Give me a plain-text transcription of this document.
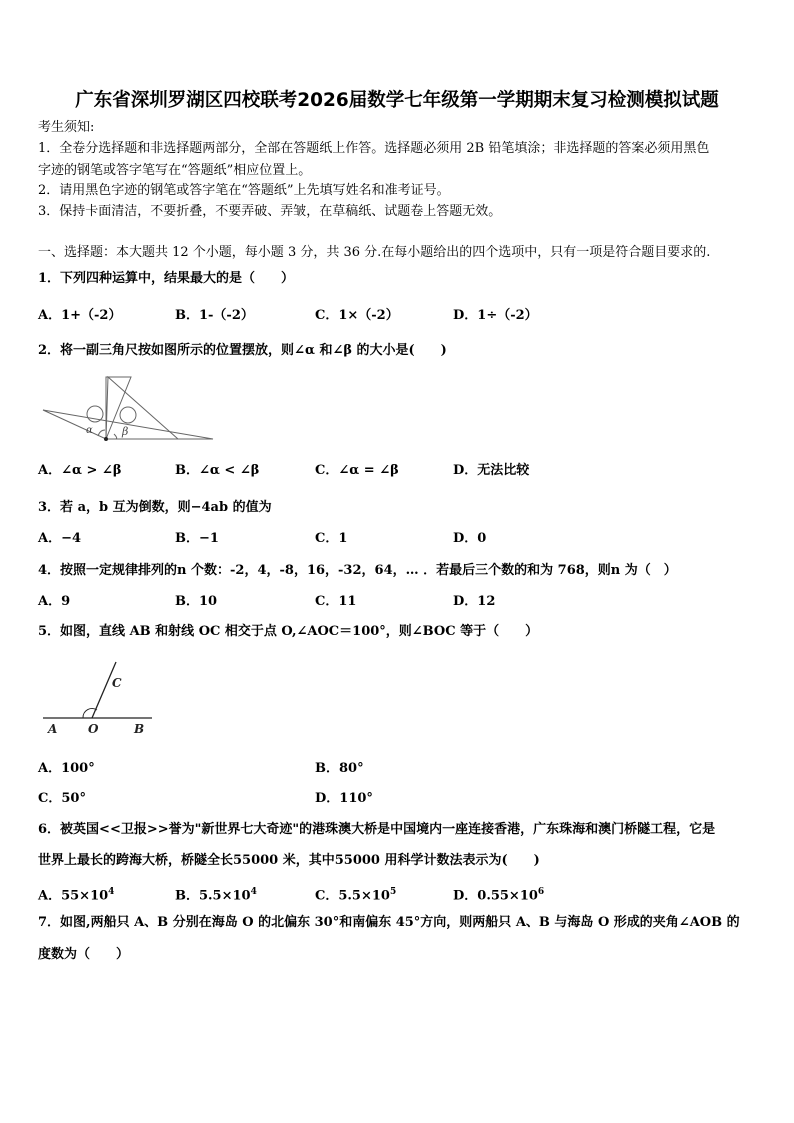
广东省深圳罗湖区四校联考2026届数学七年级第一学期期末复习检测模拟试题
考生须知:
1．全卷分选择题和非选择题两部分，全部在答题纸上作答。选择题必须用 2B 铅笔填涂；非选择题的答案必须用黑色
字迹的钢笔或答字笔写在“答题纸”相应位置上。
2．请用黑色字迹的钢笔或答字笔在“答题纸”上先填写姓名和准考证号。
3．保持卡面清洁，不要折叠，不要弄破、弄皱，在草稿纸、试题卷上答题无效。
一、选择题：本大题共 12 个小题，每小题 3 分，共 36 分.在每小题给出的四个选项中，只有一项是符合题目要求的.
1．下列四种运算中，结果最大的是（　　）
A．1+（-2）	B．1-（-2）	C．1×（-2）	D．1÷（-2）
2．将一副三角尺按如图所示的位置摆放，则∠α 和∠β 的大小是(　　)
α	β
A．∠α > ∠β	B．∠α < ∠β	C．∠α = ∠β	D．无法比较
3．若 a，b 互为倒数，则−4ab 的值为
A．−4	B．−1	C．1	D．0
4．按照一定规律排列的n 个数：-2，4，-8，16，-32，64，… ．若最后三个数的和为 768，则n 为（　）
A．9	B．10	C．11	D．12
5．如图，直线 AB 和射线 OC 相交于点 O,∠AOC＝100°，则∠BOC 等于（　　）
C
A	O	B
A．100°	B．80°
C．50°	D．110°
6．被英国<<卫报>>誉为"新世界七大奇迹"的港珠澳大桥是中国境内一座连接香港，广东珠海和澳门桥隧工程，它是
世界上最长的跨海大桥，桥隧全长55000 米，其中55000 用科学计数法表示为(　　)
A．$55\times 10^4$	B．$5.5\times 10^4$	C．$5.5\times 10^5$	D．$0.55\times 10^6$
7．如图,两船只 A、B 分别在海岛 O 的北偏东 30°和南偏东 45°方向，则两船只 A、B 与海岛 O 形成的夹角∠AOB 的
度数为（　　）
